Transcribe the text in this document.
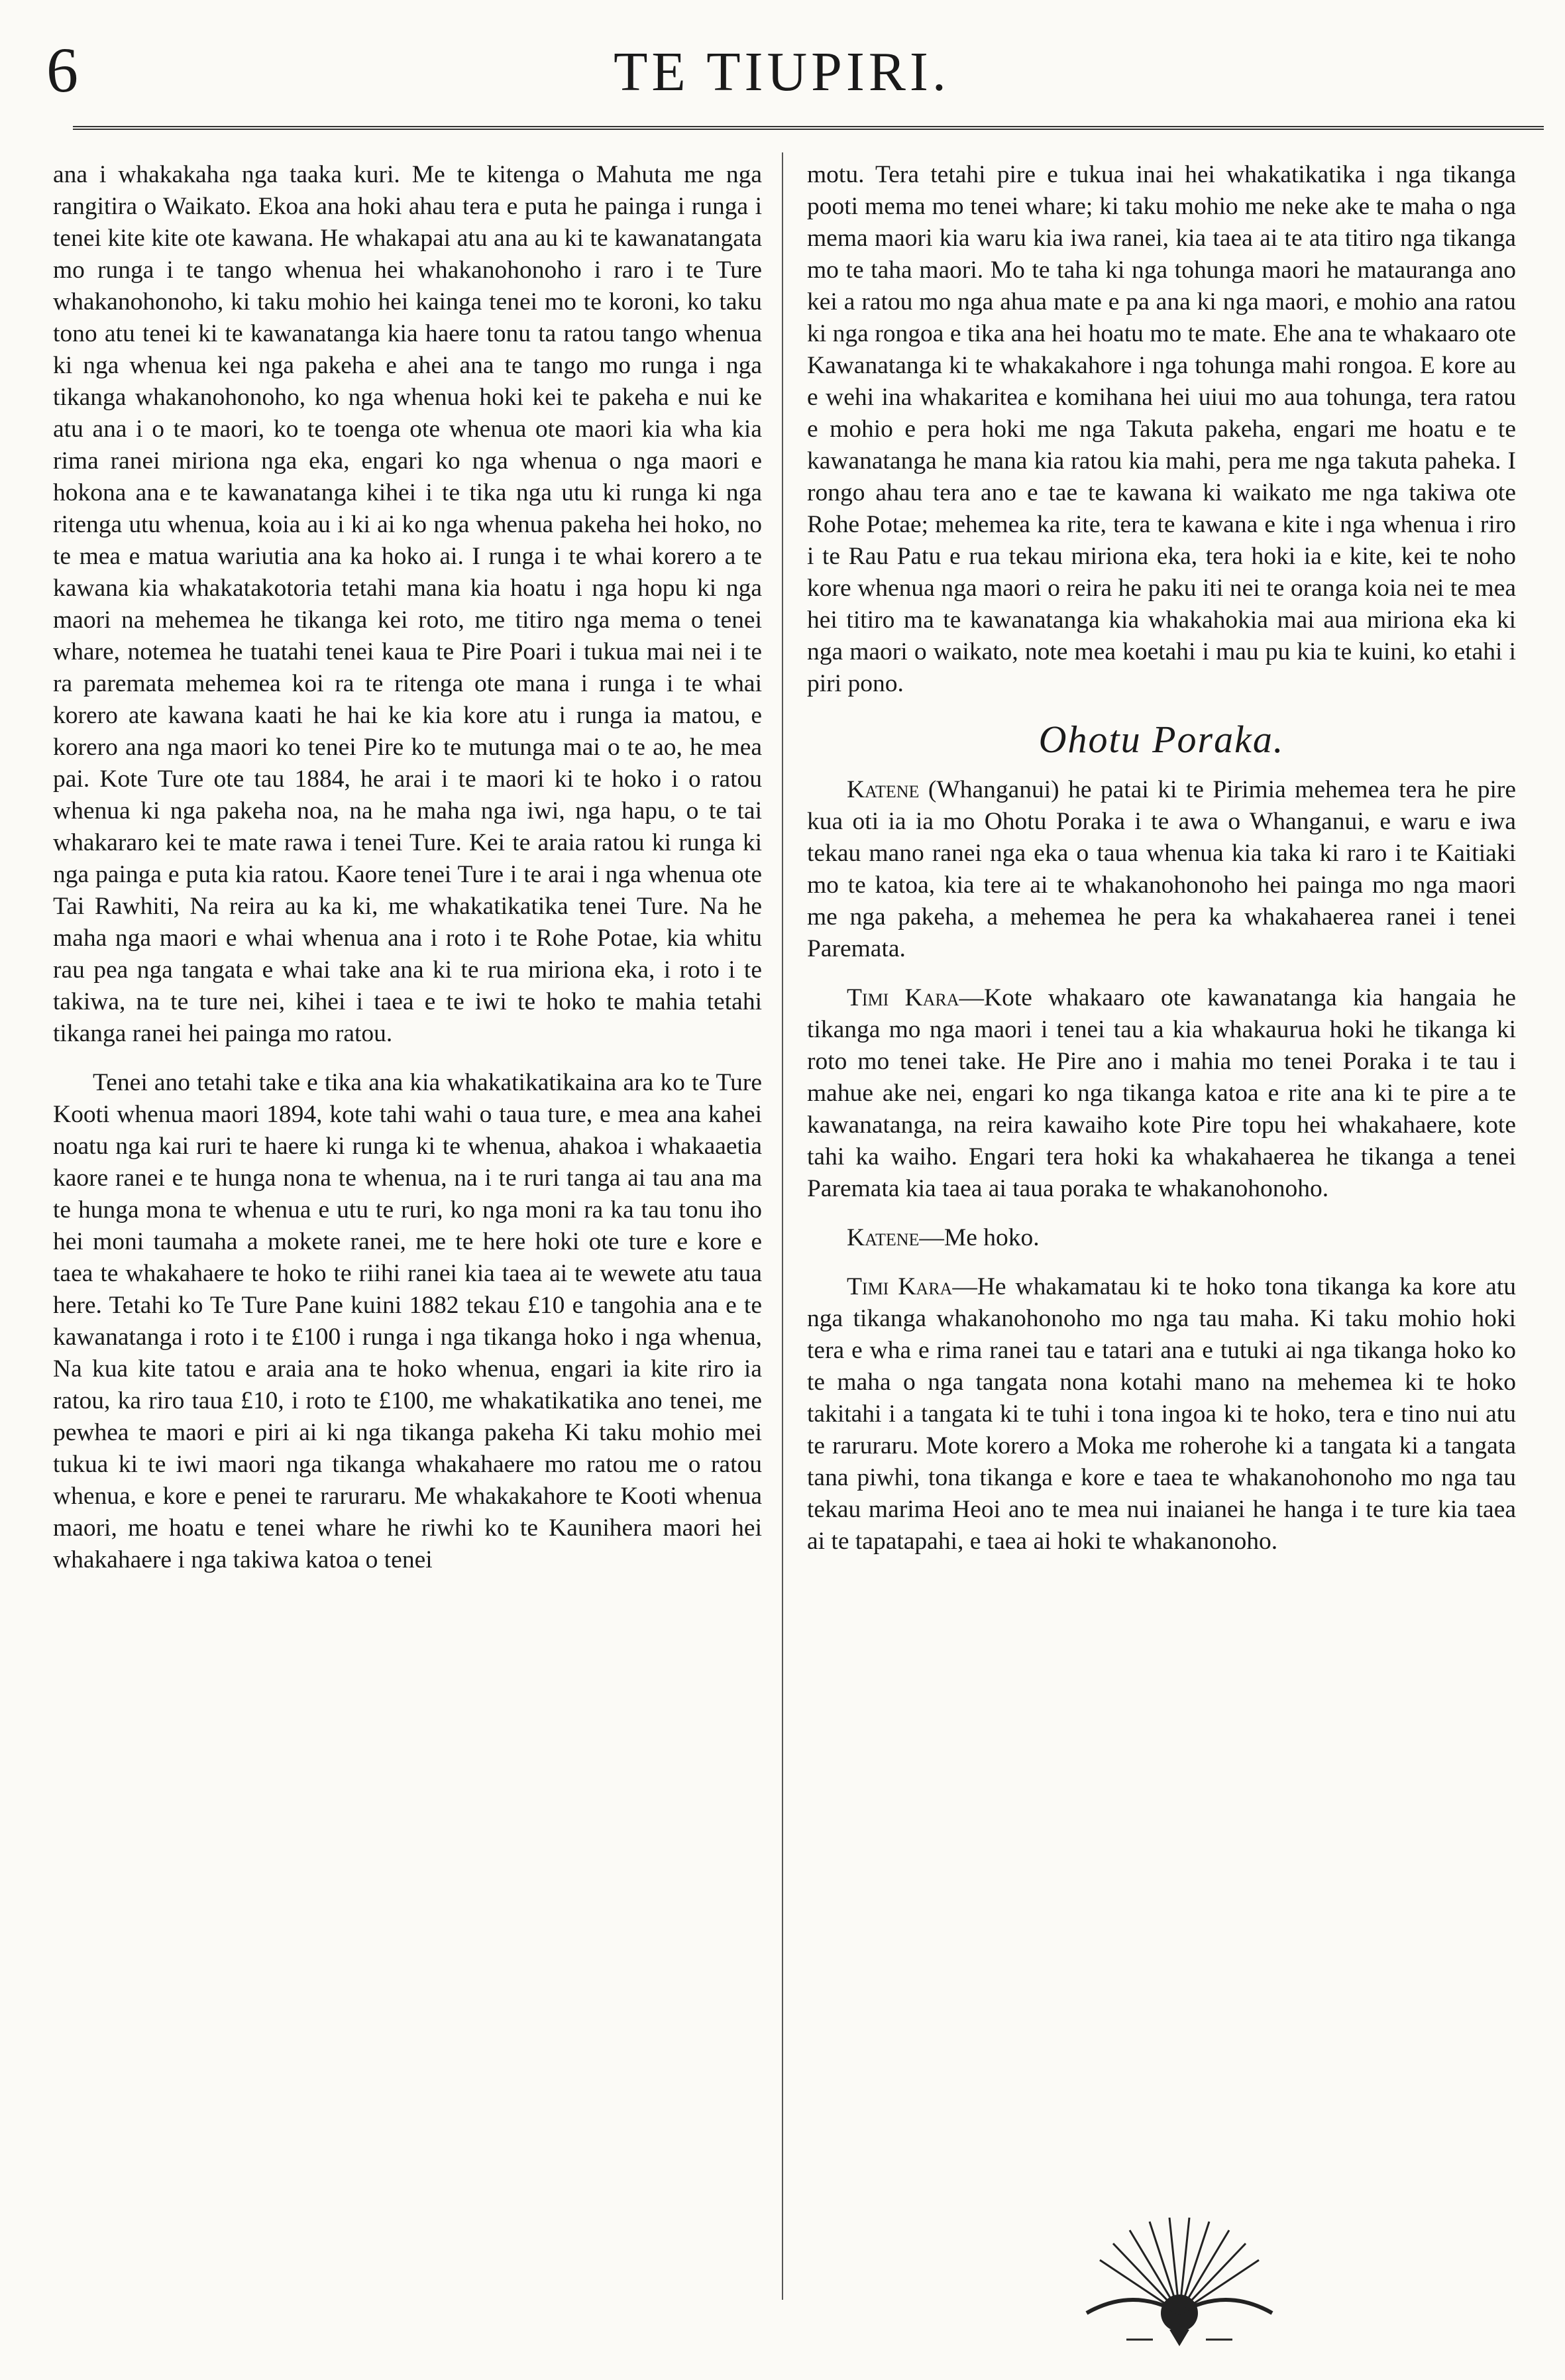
6	TE TIUPIRI.

ana i whakakaha nga taaka kuri. Me te kitenga o Mahuta me nga rangitira o Waikato. Ekoa ana hoki ahau tera e puta he painga i runga i tenei kite kite ote kawana. He whakapai atu ana au ki te kawanatangata mo runga i te tango whenua hei whakanohonoho i raro i te Ture whakanohonoho, ki taku mohio hei kainga tenei mo te koroni, ko taku tono atu tenei ki te kawanatanga kia haere tonu ta ratou tango whenua ki nga whenua kei nga pakeha e ahei ana te tango mo runga i nga tikanga whakanohonoho, ko nga whenua hoki kei te pakeha e nui ke atu ana i o te maori, ko te toenga ote whenua ote maori kia wha kia rima ranei miriona nga eka, engari ko nga whenua o nga maori e hokona ana e te kawanatanga kihei i te tika nga utu ki runga ki nga ritenga utu whenua, koia au i ki ai ko nga whenua pakeha hei hoko, no te mea e matua wariutia ana ka hoko ai. I runga i te whai korero a te kawana kia whakatakotoria tetahi mana kia hoatu i nga hopu ki nga maori na mehemea he tikanga kei roto, me titiro nga mema o tenei whare, notemea he tuatahi tenei kaua te Pire Poari i tukua mai nei i te ra paremata mehemea koi ra te ritenga ote mana i runga i te whai korero ate kawana kaati he hai ke kia kore atu i runga ia matou, e korero ana nga maori ko tenei Pire ko te mutunga mai o te ao, he mea pai. Kote Ture ote tau 1884, he arai i te maori ki te hoko i o ratou whenua ki nga pakeha noa, na he maha nga iwi, nga hapu, o te tai whakararo kei te mate rawa i tenei Ture. Kei te araia ratou ki runga ki nga painga e puta kia ratou. Kaore tenei Ture i te arai i nga whenua ote Tai Rawhiti, Na reira au ka ki, me whakatikatika tenei Ture. Na he maha nga maori e whai whenua ana i roto i te Rohe Potae, kia whitu rau pea nga tangata e whai take ana ki te rua miriona eka, i roto i te takiwa, na te ture nei, kihei i taea e te iwi te hoko te mahia tetahi tikanga ranei hei painga mo ratou.

Tenei ano tetahi take e tika ana kia whakatikatikaina ara ko te Ture Kooti whenua maori 1894, kote tahi wahi o taua ture, e mea ana kahei noatu nga kai ruri te haere ki runga ki te whenua, ahakoa i whakaaetia kaore ranei e te hunga nona te whenua, na i te ruri tanga ai tau ana ma te hunga mona te whenua e utu te ruri, ko nga moni ra ka tau tonu iho hei moni taumaha a mokete ranei, me te here hoki ote ture e kore e taea te whakahaere te hoko te riihi ranei kia taea ai te wewete atu taua here. Tetahi ko Te Ture Pane kuini 1882 tekau £10 e tangohia ana e te kawanatanga i roto i te £100 i runga i nga tikanga hoko i nga whenua, Na kua kite tatou e araia ana te hoko whenua, engari ia kite riro ia ratou, ka riro taua £10, i roto te £100, me whakatikatika ano tenei, me pewhea te maori e piri ai ki nga tikanga pakeha Ki taku mohio mei tukua ki te iwi maori nga tikanga whakahaere mo ratou me o ratou whenua, e kore e penei te raruraru. Me whakakahore te Kooti whenua maori, me hoatu e tenei whare he riwhi ko te Kaunihera maori hei whakahaere i nga takiwa katoa o tenei

motu. Tera tetahi pire e tukua inai hei whakatikatika i nga tikanga pooti mema mo tenei whare; ki taku mohio me neke ake te maha o nga mema maori kia waru kia iwa ranei, kia taea ai te ata titiro nga tikanga mo te taha maori. Mo te taha ki nga tohunga maori he matauranga ano kei a ratou mo nga ahua mate e pa ana ki nga maori, e mohio ana ratou ki nga rongoa e tika ana hei hoatu mo te mate. Ehe ana te whakaaro ote Kawanatanga ki te whakakahore i nga tohunga mahi rongoa. E kore au e wehi ina whakaritea e komihana hei uiui mo aua tohunga, tera ratou e mohio e pera hoki me nga Takuta pakeha, engari me hoatu e te kawanatanga he mana kia ratou kia mahi, pera me nga takuta paheka. I rongo ahau tera ano e tae te kawana ki waikato me nga takiwa ote Rohe Potae; mehemea ka rite, tera te kawana e kite i nga whenua i riro i te Rau Patu e rua tekau miriona eka, tera hoki ia e kite, kei te noho kore whenua nga maori o reira he paku iti nei te oranga koia nei te mea hei titiro ma te kawanatanga kia whakahokia mai aua miriona eka ki nga maori o waikato, note mea koetahi i mau pu kia te kuini, ko etahi i piri pono.

Ohotu Poraka.

Katene (Whanganui) he patai ki te Pirimia mehemea tera he pire kua oti ia ia mo Ohotu Poraka i te awa o Whanganui, e waru e iwa tekau mano ranei nga eka o taua whenua kia taka ki raro i te Kaitiaki mo te katoa, kia tere ai te whakanohonoho hei painga mo nga maori me nga pakeha, a mehemea he pera ka whakahaerea ranei i tenei Paremata.

Timi Kara—Kote whakaaro ote kawanatanga kia hangaia he tikanga mo nga maori i tenei tau a kia whakaurua hoki he tikanga ki roto mo tenei take. He Pire ano i mahia mo tenei Poraka i te tau i mahue ake nei, engari ko nga tikanga katoa e rite ana ki te pire a te kawanatanga, na reira kawaiho kote Pire topu hei whakahaere, kote tahi ka waiho. Engari tera hoki ka whakahaerea he tikanga a tenei Paremata kia taea ai taua poraka te whakanohonoho.

Katene—Me hoko.

Timi Kara—He whakamatau ki te hoko tona tikanga ka kore atu nga tikanga whakanohonoho mo nga tau maha. Ki taku mohio hoki tera e wha e rima ranei tau e tatari ana e tutuki ai nga tikanga hoko ko te maha o nga tangata nona kotahi mano na mehemea ki te hoko takitahi i a tangata ki te tuhi i tona ingoa ki te hoko, tera e tino nui atu te raruraru. Mote korero a Moka me roherohe ki a tangata ki a tangata tana piwhi, tona tikanga e kore e taea te whakanohonoho mo nga tau tekau marima Heoi ano te mea nui inaianei he hanga i te ture kia taea ai te tapatapahi, e taea ai hoki te whakanonoho.
